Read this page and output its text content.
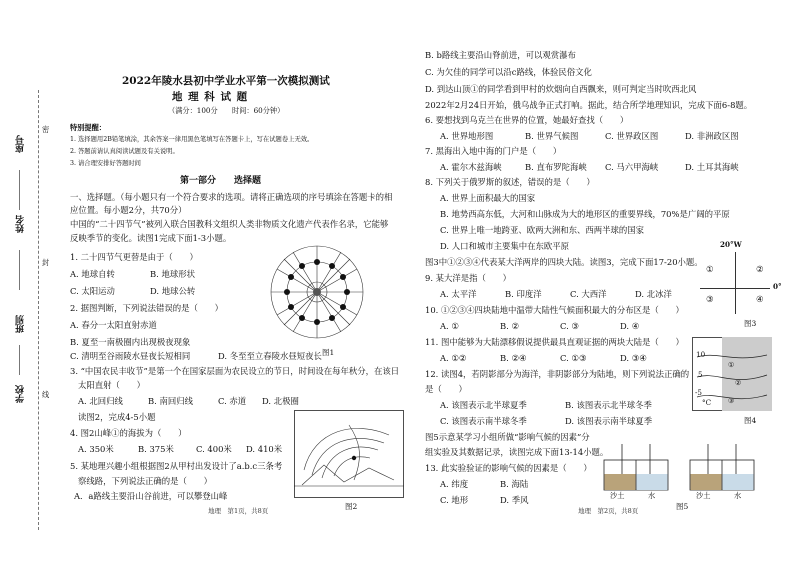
座号
姓名
班别
学校
密
封
线
2022年陵水县初中学业水平第一次模拟测试
地 理 科 试 题
（满分：100分　　时间：60分钟）
特别提醒：
1. 选择题用2B铅笔填涂，其余答案一律用黑色笔填写在答题卡上，写在试题卷上无效。
2. 答题前请认真阅读试题及有关说明。
3. 请合理安排好答题时间
第一部分　　选择题
一、选择题。（每小题只有一个符合要求的选项。请将正确选项的序号填涂在答题卡的相
应位置。每小题2分，共70分）
中国的“二十四节气”被列入联合国教科文组织人类非物质文化遗产代表作名录，它能够
反映季节的变化。读图1完成下面1-3小题。
1. 二十四节气更替是由于（　　）
A. 地球自转	B. 地球形状
C. 太阳运动	D. 地球公转
2. 据图判断，下列说法错误的是（　　）
A. 春分一太阳直射赤道
B. 夏至一南极圈内出现极夜现象
C. 清明至谷雨陵水昼夜长短相同	D. 冬至至立春陵水昼短夜长
3. “中国农民丰收节”是第一个在国家层面为农民设立的节日，时间设在每年秋分，在该日
太阳直射（　　）
A. 北回归线	B. 南回归线	C. 赤道 D. 北极圈
读图2，完成4-5小题
4. 图2山峰①的海拔为（　　）
A. 350米	B. 375米	C. 400米 D. 410米
5. 某地理兴趣小组根据图2从甲村出发设计了a.b.c三条考
察线路，下列说法正确的是（　　）
A．a路线主要沿山谷前进，可以攀登山峰
图1
图2
地理　第1页，共8页
B. b路线主要沿山脊前进，可以观赏瀑布
C. 为欠佳的同学可以沿c路线，体验民俗文化
D. 到达山顶①的同学看到甲村的炊烟向自西飘来，则可判定当时吹西北风
2022年2月24日开始，俄乌战争正式打响。据此，结合所学地理知识，完成下面6-8题。
6. 要想找到乌克兰在世界的位置，她最好查找（　　）
A. 世界地形图	B. 世界气候图	C. 世界政区图	D. 非洲政区图
7. 黑海出入地中海的门户是（　　）
A. 霍尔木兹海峡	B. 直布罗陀海峡 C. 马六甲海峡	D. 土耳其海峡
8. 下列关于俄罗斯的叙述，错误的是（　　）
A. 世界上面积最大的国家
B. 地势西高东低，大河和山脉成为大的地形区的重要界线，70%是广阔的平原
C. 世界上唯一地跨亚、欧两大洲和东、西两半球的国家
D. 人口和城市主要集中在东欧平原
图3中①②③④代表某大洋两岸的四块大陆。读图3，完成下面17-20小题。
9. 某大洋是指（　　）
A. 太平洋	B. 印度洋	C. 大西洋	D. 北冰洋
10. ①②③④四块陆地中温带大陆性气候面积最大的分布区是（　　）
A. ①	B. ②	C. ③	D. ④
11. 图中能够为大陆漂移假说提供最具直观证据的两块大陆是（　　）
A. ①②	B. ②④	C. ①③	D. ③④
12. 读图4，若阴影部分为海洋，非阴影部分为陆地，则下列说法正确的
是（　　）
A. 该图表示北半球夏季	B. 该图表示北半球冬季
C. 该图表示南半球冬季	D. 该图表示南半球夏季
图5示意某学习小组所做“影响气候的因素”分
组实验及其数据记录，读图完成下面13-14小题。
13. 此实验验证的影响气候的因素是（　　）
A. 纬度	B. 海陆
C. 地形	D. 季风
20°W
0°
①	②
③	④
图3
10
5
-5
°C
①
②
③
图4
沙土	水	沙土	水
图5
地理　第2页，共8页
